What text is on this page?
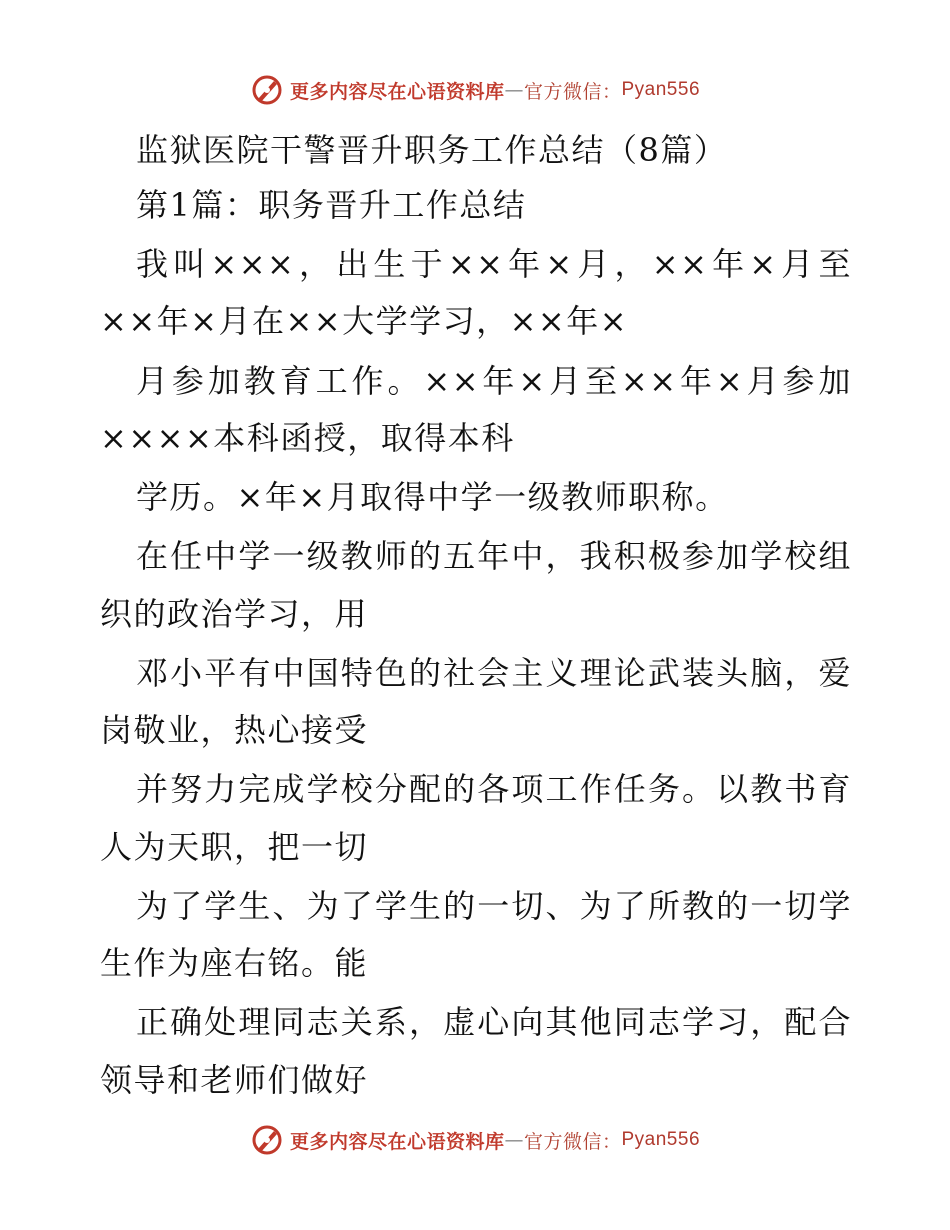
更多内容尽在心语资料库 — 官方微信： Pyan556
监狱医院干警晋升职务工作总结（8篇）
第1篇：职务晋升工作总结
我叫×××，出生于××年×月，××年×月至
××年×月在××大学学习，××年×
月参加教育工作。××年×月至××年×月参加
××××本科函授，取得本科
学历。×年×月取得中学一级教师职称。
在任中学一级教师的五年中，我积极参加学校组
织的政治学习，用
邓小平有中国特色的社会主义理论武装头脑，爱
岗敬业，热心接受
并努力完成学校分配的各项工作任务。以教书育
人为天职，把一切
为了学生、为了学生的一切、为了所教的一切学
生作为座右铭。能
正确处理同志关系，虚心向其他同志学习，配合
领导和老师们做好
更多内容尽在心语资料库 — 官方微信： Pyan556
